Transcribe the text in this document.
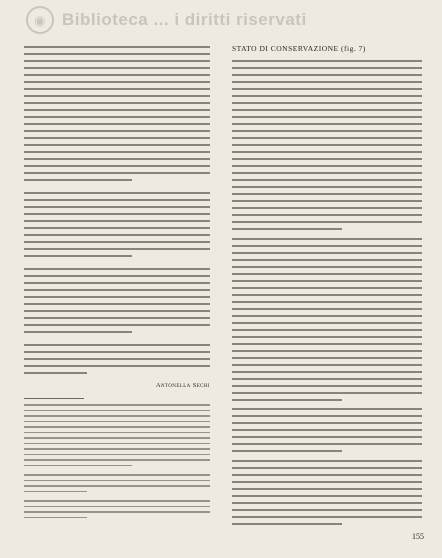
◉ Biblioteca ... i diritti riservati
Antonella Sechi
STATO DI CONSERVAZIONE (fig. 7)
155
